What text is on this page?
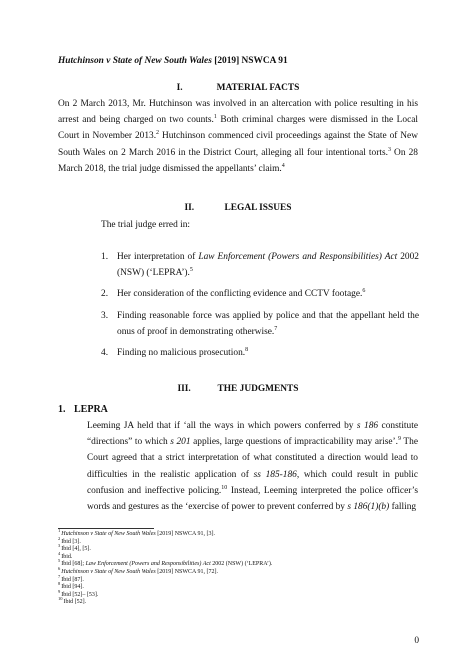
Hutchinson v State of New South Wales [2019] NSWCA 91
I.	MATERIAL FACTS

On 2 March 2013, Mr. Hutchinson was involved in an altercation with police resulting in his arrest and being charged on two counts.$^1$ Both criminal charges were dismissed in the Local Court in November 2013.$^2$ Hutchinson commenced civil proceedings against the State of New South Wales on 2 March 2016 in the District Court, alleging all four intentional torts.$^3$ On 28 March 2018, the trial judge dismissed the appellants’ claim.$^4$

II.	LEGAL ISSUES

The trial judge erred in:

1. Her interpretation of Law Enforcement (Powers and Responsibilities) Act 2002 (NSW) (‘LEPRA’).$^5$
2. Her consideration of the conflicting evidence and CCTV footage.$^6$
3. Finding reasonable force was applied by police and that the appellant held the onus of proof in demonstrating otherwise.$^7$
4. Finding no malicious prosecution.$^8$
III.	THE JUDGMENTS
1. LEPRA

Leeming JA held that if ‘all the ways in which powers conferred by s 186 constitute “directions” to which s 201 applies, large questions of impracticability may arise’.$^9$ The Court agreed that a strict interpretation of what constituted a direction would lead to difficulties in the realistic application of ss 185-186, which could result in public confusion and ineffective policing.$^{10}$ Instead, Leeming interpreted the police officer’s words and gestures as the ‘exercise of power to prevent conferred by s 186(1)(b) falling

$^1$Hutchinson v State of New South Wales [2019] NSWCA 91, [3].
$^2$Ibid [3].
$^3$Ibid [4], [5].
$^4$Ibid.
$^5$Ibid [68]; Law Enforcement (Powers and Responsibilities) Act 2002 (NSW) (‘LEPRA’).
$^6$Hutchinson v State of New South Wales [2019] NSWCA 91, [72].
$^7$Ibid [87].
$^8$Ibid [94].
$^9$Ibid [52]– [53].
$^{10}$Ibid [52].
0
